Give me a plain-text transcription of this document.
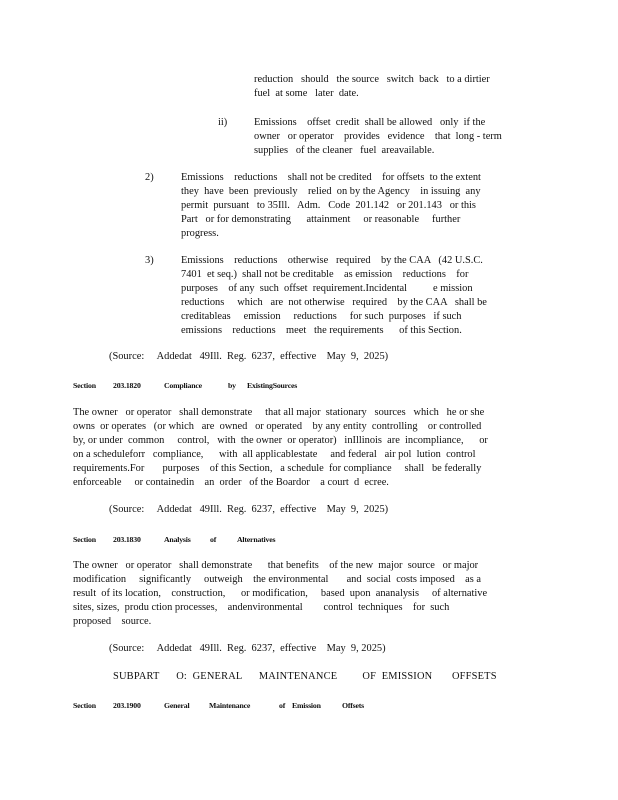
reduction   should   the source   switch  back   to a dirtier
fuel  at some   later  date.
ii)	Emissions    offset  credit  shall be allowed   only  if the
owner   or operator    provides   evidence    that  long - term
supplies   of the cleaner   fuel  areavailable.
2)	Emissions    reductions    shall not be credited    for offsets  to the extent
they  have  been  previously    relied  on by the Agency    in issuing  any
permit  pursuant   to 35Ill.   Adm.   Code  201.142   or 201.143   or this
Part   or for demonstrating      attainment     or reasonable     further
progress.
3)	Emissions    reductions    otherwise   required    by the CAA   (42 U.S.C.
7401  et seq.)  shall not be creditable    as emission    reductions    for
purposes    of any  such  offset  requirement.Incidental          e mission
reductions     which   are  not otherwise   required    by the CAA   shall be
creditableas     emission     reductions     for such  purposes   if such
emissions    reductions    meet   the requirements      of this Section.
(Source:     Addedat   49Ill.  Reg.  6237,  effective    May  9,  2025)

Section

203.1820

	Compliance

	by

ExistingSources

The owner   or operator   shall demonstrate     that all major  stationary   sources   which   he or she
owns  or operates   (or which   are  owned   or operated    by any entity  controlling    or controlled
by, or under  common     control,   with  the owner  or operator)   inIllinois  are  incompliance,      or
on a scheduleforr   compliance,      with  all applicablestate     and federal   air pol  lution  control
requirements.For       purposes    of this Section,   a schedule  for compliance     shall   be federally
enforceable     or containedin    an  order   of the Boardor    a court  d  ecree.
(Source:     Addedat   49Ill.  Reg.  6237,  effective    May  9,  2025)

Section

203.1830

	Analysis

of

	Alternatives

The owner   or operator   shall demonstrate      that benefits    of the new  major  source   or major
modification     significantly     outweigh    the environmental       and  social  costs imposed    as a
result  of its location,    construction,      or modification,     based  upon  ananalysis     of alternative
sites, sizes,  produ ction processes,    andenvironmental        control  techniques    for  such
proposed    source.
(Source:     Addedat   49Ill.  Reg.  6237,  effective    May  9, 2025)
SUBPART      O:  GENERAL      MAINTENANCE         OF  EMISSION       OFFSETS

Section

203.1900

	General

	Maintenance

	of

Emission

	Offsets
